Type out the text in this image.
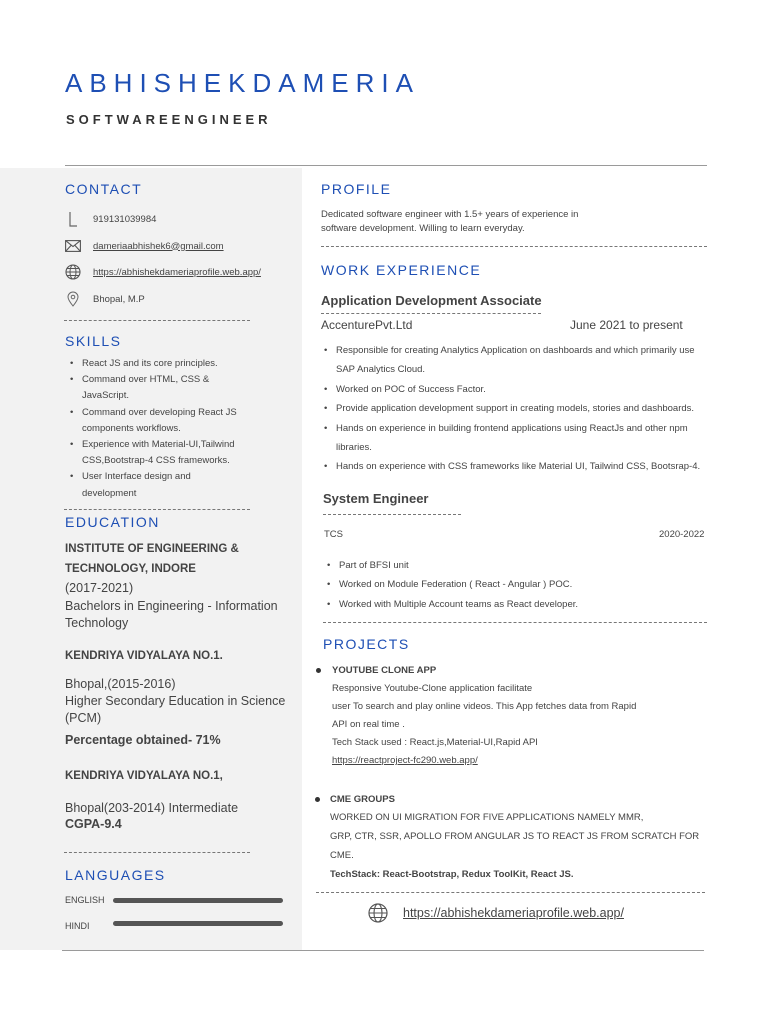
ABHISHEKDAMERIA
SOFTWAREENGINEER
CONTACT
919131039984
dameriaabhishek6@gmail.com
https://abhishekdameriaprofile.web.app/
Bhopal, M.P
SKILLS
• React JS and its core principles.
• Command over HTML, CSS & JavaScript.
• Command over developing React JS components workflows.
• Experience with Material-UI,Tailwind CSS,Bootstrap-4 CSS frameworks.
• User Interface design and development
EDUCATION
INSTITUTE OF ENGINEERING &
TECHNOLOGY, INDORE
(2017-2021)
Bachelors in Engineering - Information Technology
KENDRIYA VIDYALAYA NO.1.
Bhopal,(2015-2016)
Higher Secondary Education in Science (PCM)
Percentage obtained- 71%
KENDRIYA VIDYALAYA NO.1,
Bhopal(203-2014) Intermediate
CGPA-9.4
LANGUAGES
ENGLISH
HINDI
PROFILE
Dedicated software engineer with 1.5+ years of experience in
software development. Willing to learn everyday.
WORK EXPERIENCE
Application Development Associate
AccenturePvt.Ltd	June 2021 to present
• Responsible for creating Analytics Application on dashboards and which primarily use
SAP Analytics Cloud.
• Worked on POC of Success Factor.
• Provide application development support in creating models, stories and dashboards.
• Hands on experience in building frontend applications using ReactJs and other npm
libraries.
• Hands on experience with CSS frameworks like Material UI, Tailwind CSS, Bootsrap-4.
System Engineer
TCS	2020-2022
• Part of BFSI unit
• Worked on Module Federation ( React - Angular ) POC.
• Worked with Multiple Account teams as React developer.
PROJECTS
YOUTUBE CLONE APP
Responsive Youtube-Clone application facilitate
user To search and play online videos. This App fetches data from Rapid
API on real time .
Tech Stack used : React.js,Material-UI,Rapid API
https://reactproject-fc290.web.app/
CME GROUPS
WORKED ON UI MIGRATION FOR FIVE APPLICATIONS NAMELY MMR,
GRP, CTR, SSR, APOLLO FROM ANGULAR JS TO REACT JS FROM SCRATCH FOR
CME.
TechStack: React-Bootstrap, Redux ToolKit, React JS.
https://abhishekdameriaprofile.web.app/
